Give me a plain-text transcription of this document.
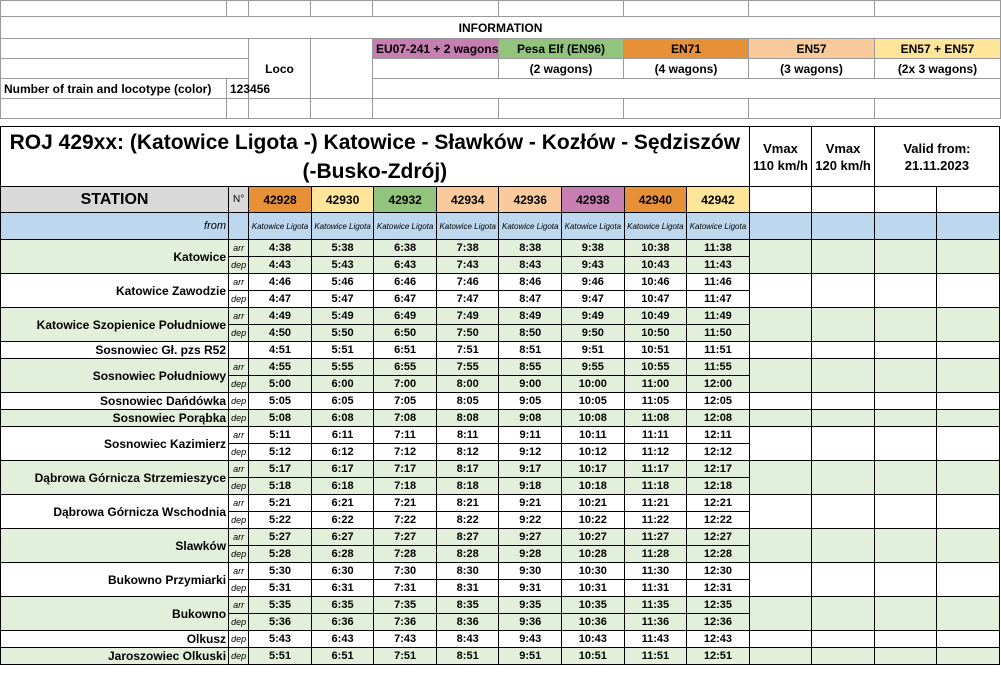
INFORMATION								
		Loco		EU07-241 + 2 wagons	Pesa Elf (EN96)	EN71	EN57	EN57 + EN57
					(2 wagons)	(4 wagons)	(3 wagons)	(2x 3 wagons)
Number of train and locotype (color)	123456							

ROJ 429xx: (Katowice Ligota -) Katowice - Sławków - Kozłów - Sędziszów (-Busko-Zdrój)										Vmax 110 km/h	Vmax 120 km/h	Valid from: 21.11.2023	
STATION	N°	42928	42930	42932	42934	42936	42938	42940	42942				
from		Katowice Ligota	Katowice Ligota	Katowice Ligota	Katowice Ligota	Katowice Ligota	Katowice Ligota	Katowice Ligota	Katowice Ligota				
Katowice	arr	4:38	5:38	6:38	7:38	8:38	9:38	10:38	11:38				
	dep	4:43	5:43	6:43	7:43	8:43	9:43	10:43	11:43				
Katowice Zawodzie	arr	4:46	5:46	6:46	7:46	8:46	9:46	10:46	11:46				
	dep	4:47	5:47	6:47	7:47	8:47	9:47	10:47	11:47				
Katowice Szopienice Południowe	arr	4:49	5:49	6:49	7:49	8:49	9:49	10:49	11:49				
	dep	4:50	5:50	6:50	7:50	8:50	9:50	10:50	11:50				
Sosnowiec Gł. pzs R52		4:51	5:51	6:51	7:51	8:51	9:51	10:51	11:51				
Sosnowiec Południowy	arr	4:55	5:55	6:55	7:55	8:55	9:55	10:55	11:55				
	dep	5:00	6:00	7:00	8:00	9:00	10:00	11:00	12:00				
Sosnowiec Dańdówka	dep	5:05	6:05	7:05	8:05	9:05	10:05	11:05	12:05				
Sosnowiec Porąbka	dep	5:08	6:08	7:08	8:08	9:08	10:08	11:08	12:08				
Sosnowiec Kazimierz	arr	5:11	6:11	7:11	8:11	9:11	10:11	11:11	12:11				
	dep	5:12	6:12	7:12	8:12	9:12	10:12	11:12	12:12				
Dąbrowa Górnicza Strzemieszyce	arr	5:17	6:17	7:17	8:17	9:17	10:17	11:17	12:17				
	dep	5:18	6:18	7:18	8:18	9:18	10:18	11:18	12:18				
Dąbrowa Górnicza Wschodnia	arr	5:21	6:21	7:21	8:21	9:21	10:21	11:21	12:21				
	dep	5:22	6:22	7:22	8:22	9:22	10:22	11:22	12:22				
Slawków	arr	5:27	6:27	7:27	8:27	9:27	10:27	11:27	12:27				
	dep	5:28	6:28	7:28	8:28	9:28	10:28	11:28	12:28				
Bukowno Przymiarki	arr	5:30	6:30	7:30	8:30	9:30	10:30	11:30	12:30				
	dep	5:31	6:31	7:31	8:31	9:31	10:31	11:31	12:31				
Bukowno	arr	5:35	6:35	7:35	8:35	9:35	10:35	11:35	12:35				
	dep	5:36	6:36	7:36	8:36	9:36	10:36	11:36	12:36				
Olkusz	dep	5:43	6:43	7:43	8:43	9:43	10:43	11:43	12:43				
Jaroszowiec Olkuski	dep	5:51	6:51	7:51	8:51	9:51	10:51	11:51	12:51				
